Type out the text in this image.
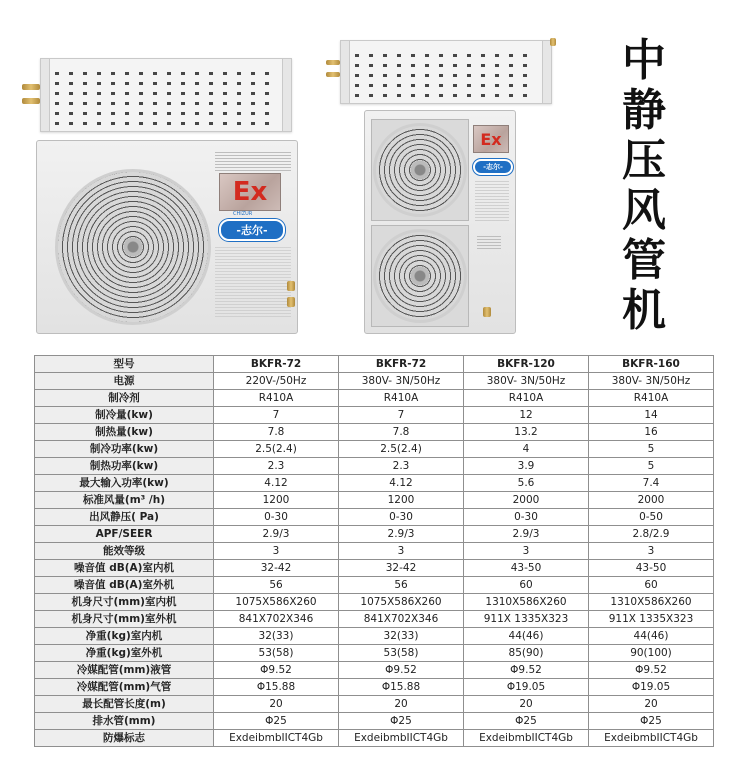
Ex
CHIZUR
-志尔-
Ex
-志尔-
中
静
压
风
管
机
型号	BKFR-72	BKFR-72	BKFR-120	BKFR-160
电源	220V-/50Hz	380V- 3N/50Hz	380V- 3N/50Hz	380V- 3N/50Hz
制冷剂	R410A	R410A	R410A	R410A
制冷量(kw)	7	7	12	14
制热量(kw)	7.8	7.8	13.2	16
制冷功率(kw)	2.5(2.4)	2.5(2.4)	4	5
制热功率(kw)	2.3	2.3	3.9	5
最大输入功率(kw)	4.12	4.12	5.6	7.4
标准风量(m³ /h)	1200	1200	2000	2000
出风静压( Pa)	0-30	0-30	0-30	0-50
APF/SEER	2.9/3	2.9/3	2.9/3	2.8/2.9
能效等级	3	3	3	3
噪音值 dB(A)室内机	32-42	32-42	43-50	43-50
噪音值 dB(A)室外机	56	56	60	60
机身尺寸(mm)室内机	1075X586X260	1075X586X260	1310X586X260	1310X586X260
机身尺寸(mm)室外机	841X702X346	841X702X346	911X 1335X323	911X 1335X323
净重(kg)室内机	32(33)	32(33)	44(46)	44(46)
净重(kg)室外机	53(58)	53(58)	85(90)	90(100)
冷媒配管(mm)液管	Φ9.52	Φ9.52	Φ9.52	Φ9.52
冷媒配管(mm)气管	Φ15.88	Φ15.88	Φ19.05	Φ19.05
最长配管长度(m)	20	20	20	20
排水管(mm)	Φ25	Φ25	Φ25	Φ25
防爆标志	ExdeibmbIICT4Gb	ExdeibmbIICT4Gb	ExdeibmbIICT4Gb	ExdeibmbIICT4Gb
